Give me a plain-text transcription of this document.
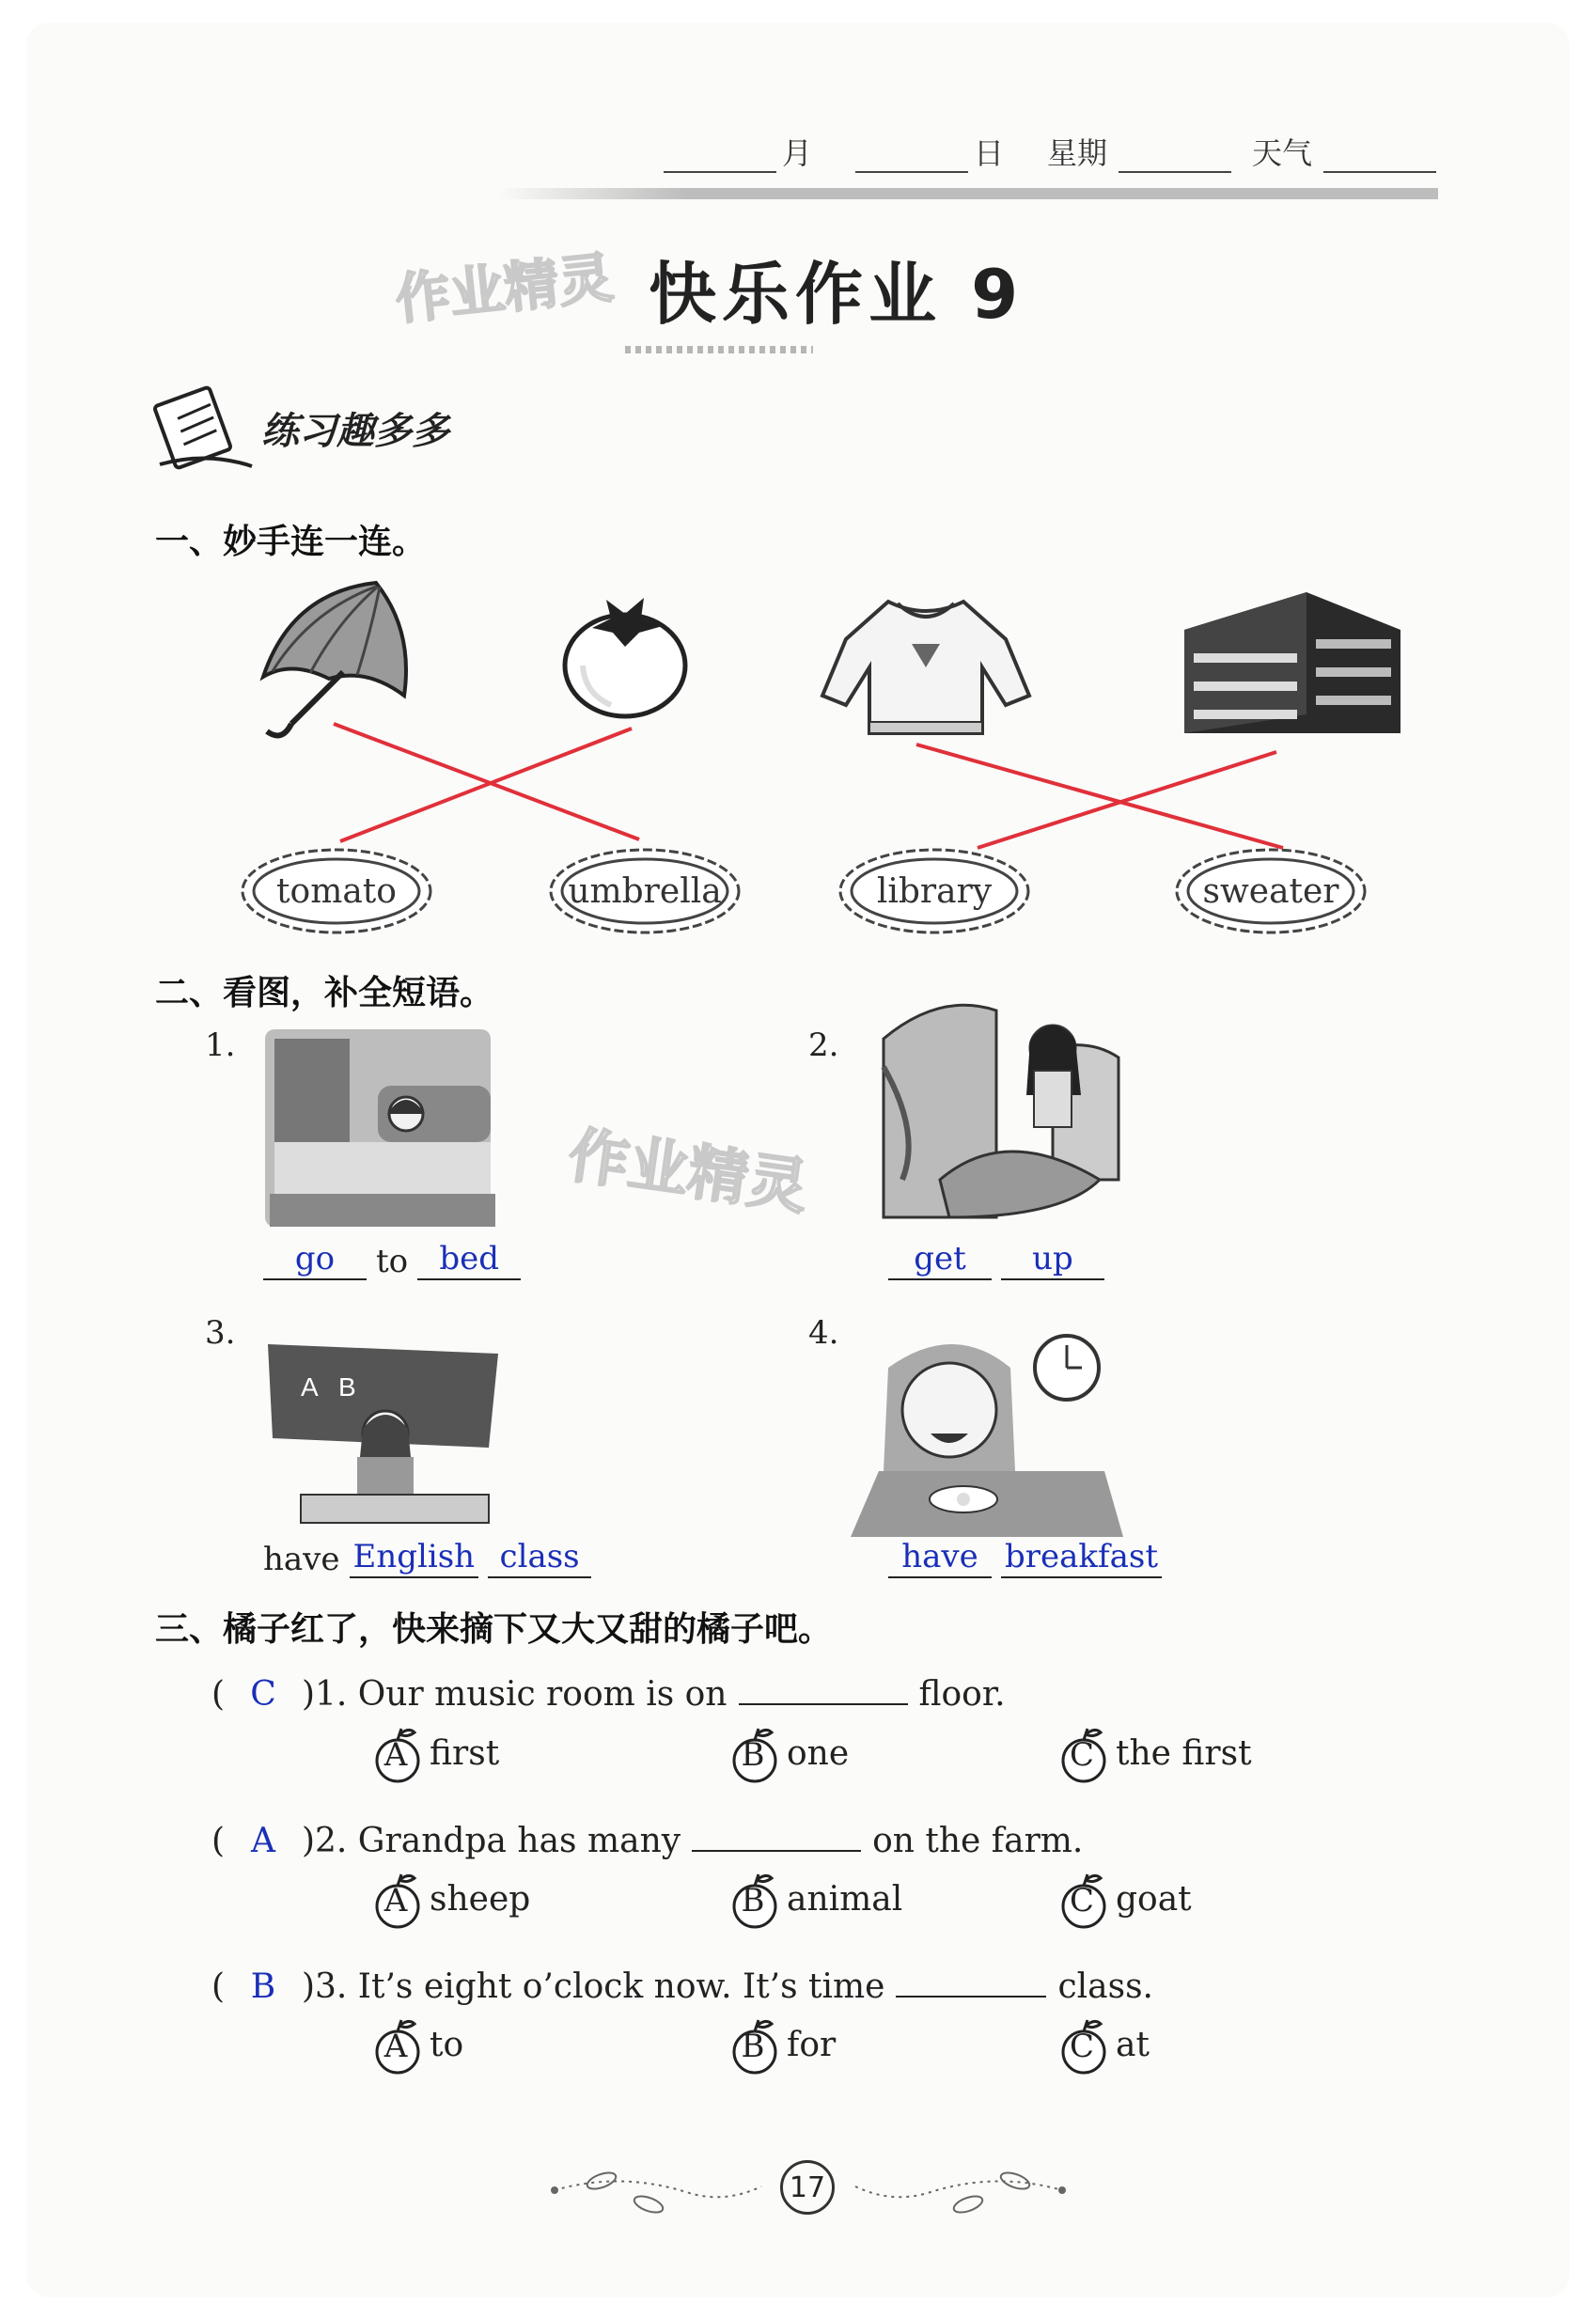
月	日 星期	天气
作业精灵 快乐作业 9
练习趣多多
一、妙手连一连。
tomato	umbrella	library	sweater
二、看图，补全短语。
作业精灵
1.
go	to bed
2.
get	up
3.
A B
have English class
4.
have breakfast
三、橘子红了，快来摘下又大又甜的橘子吧。
( C ) 1. Our music room is on	floor.
A first	B one	C the first
( A ) 2. Grandpa has many	on the farm.
A sheep	B animal	C goat
( B ) 3. It’s eight o’clock now. It’s time	class.
A to	B for	C at
17
